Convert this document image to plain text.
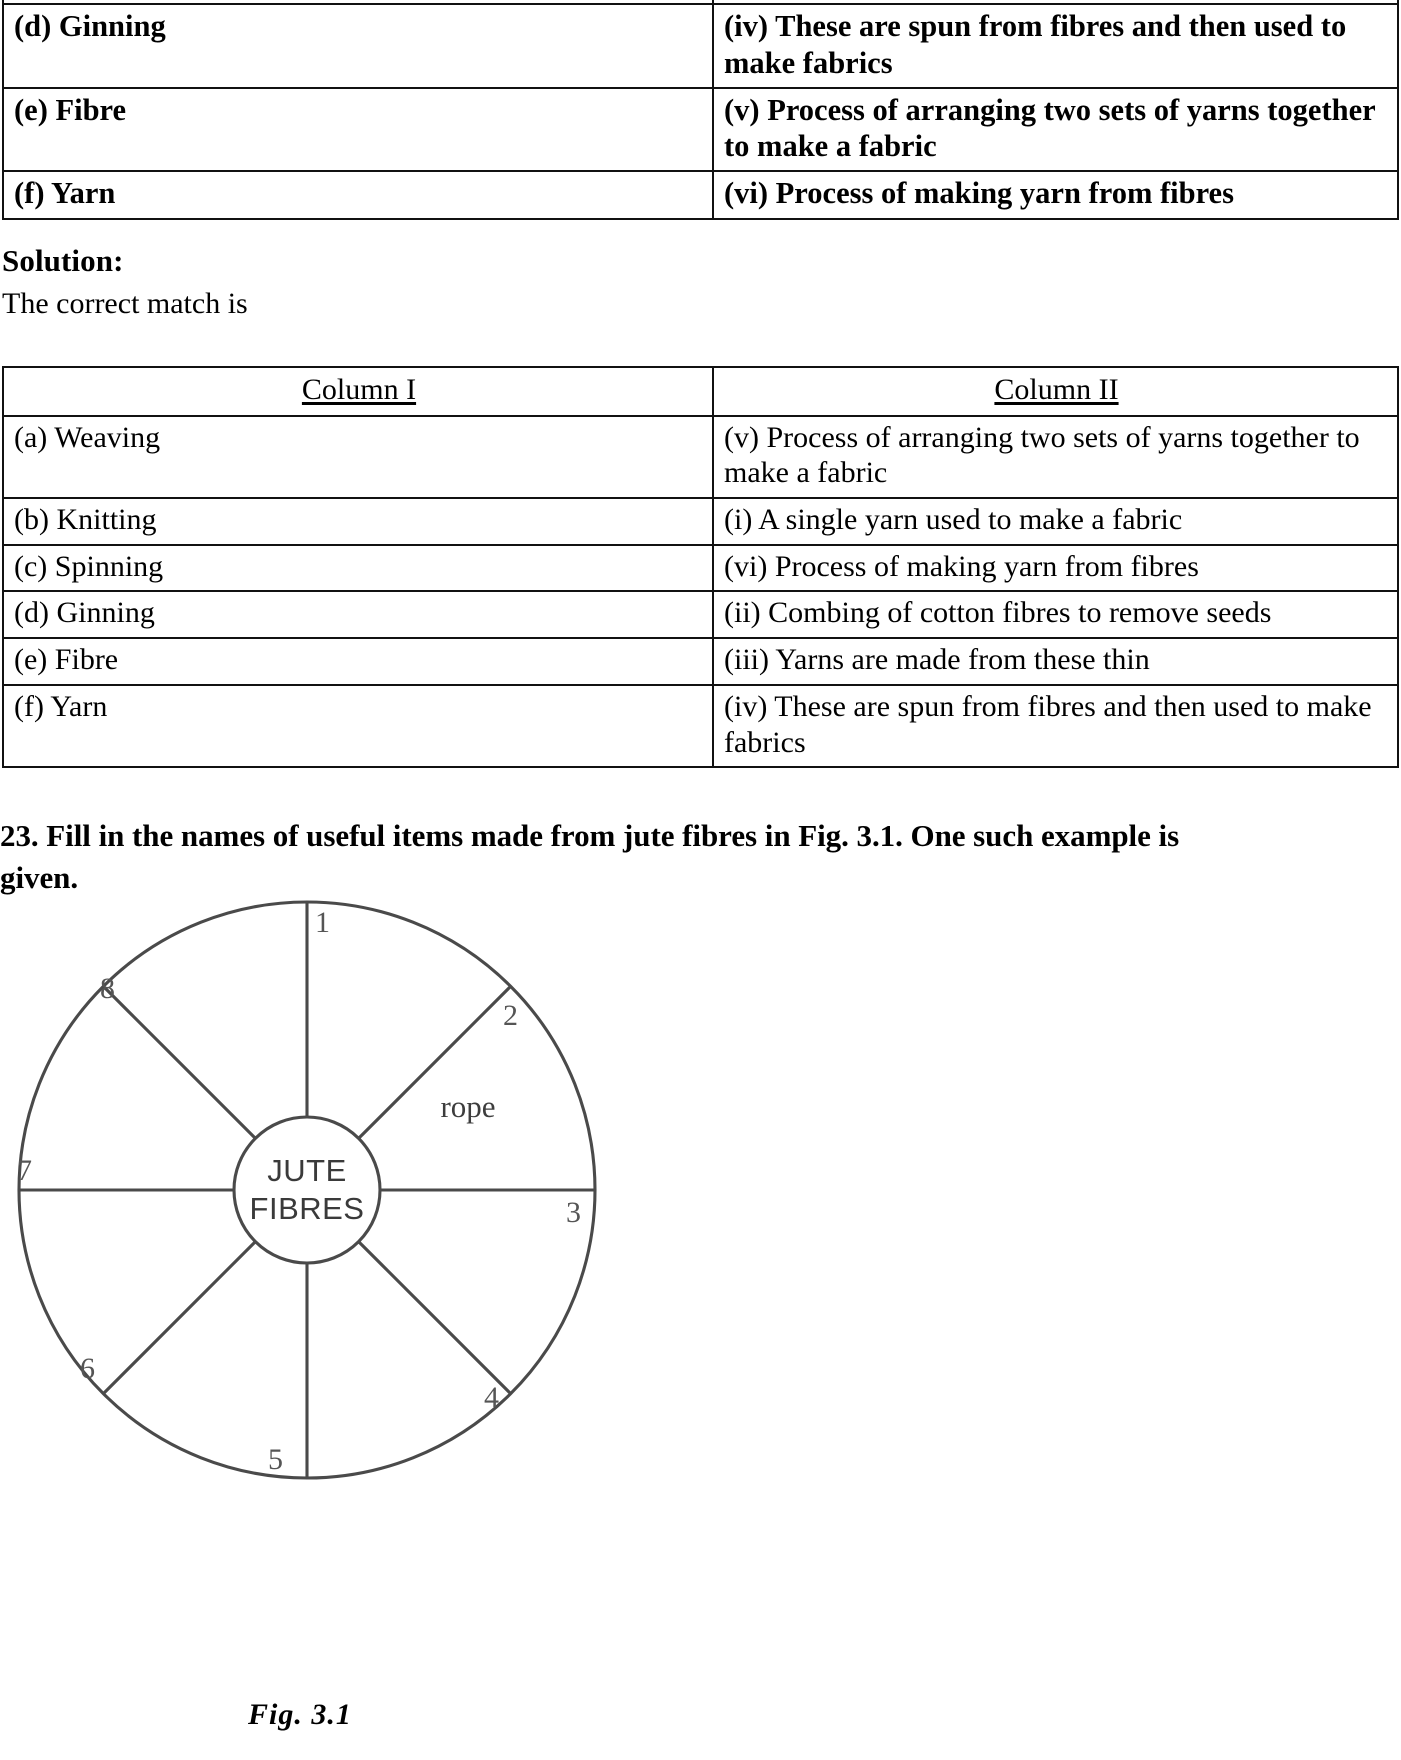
(d) Ginning	(iv) These are spun from fibres and then used to make fabrics
(e) Fibre	(v) Process of arranging two sets of yarns together to make a fabric
(f) Yarn	(vi) Process of making yarn from fibres
Solution:
The correct match is
Column I	Column II
(a) Weaving	(v) Process of arranging two sets of yarns together to make a fabric
(b) Knitting	(i) A single yarn used to make a fabric
(c) Spinning	(vi) Process of making yarn from fibres
(d) Ginning	(ii) Combing of cotton fibres to remove seeds
(e) Fibre	(iii) Yarns are made from these thin
(f) Yarn	(iv) These are spun from fibres and then used to make fabrics
23. Fill in the names of useful items made from jute fibres in Fig. 3.1. One such example is given.
1
2
3
4
5
6
7
8
rope
JUTE
FIBRES
Fig. 3.1
